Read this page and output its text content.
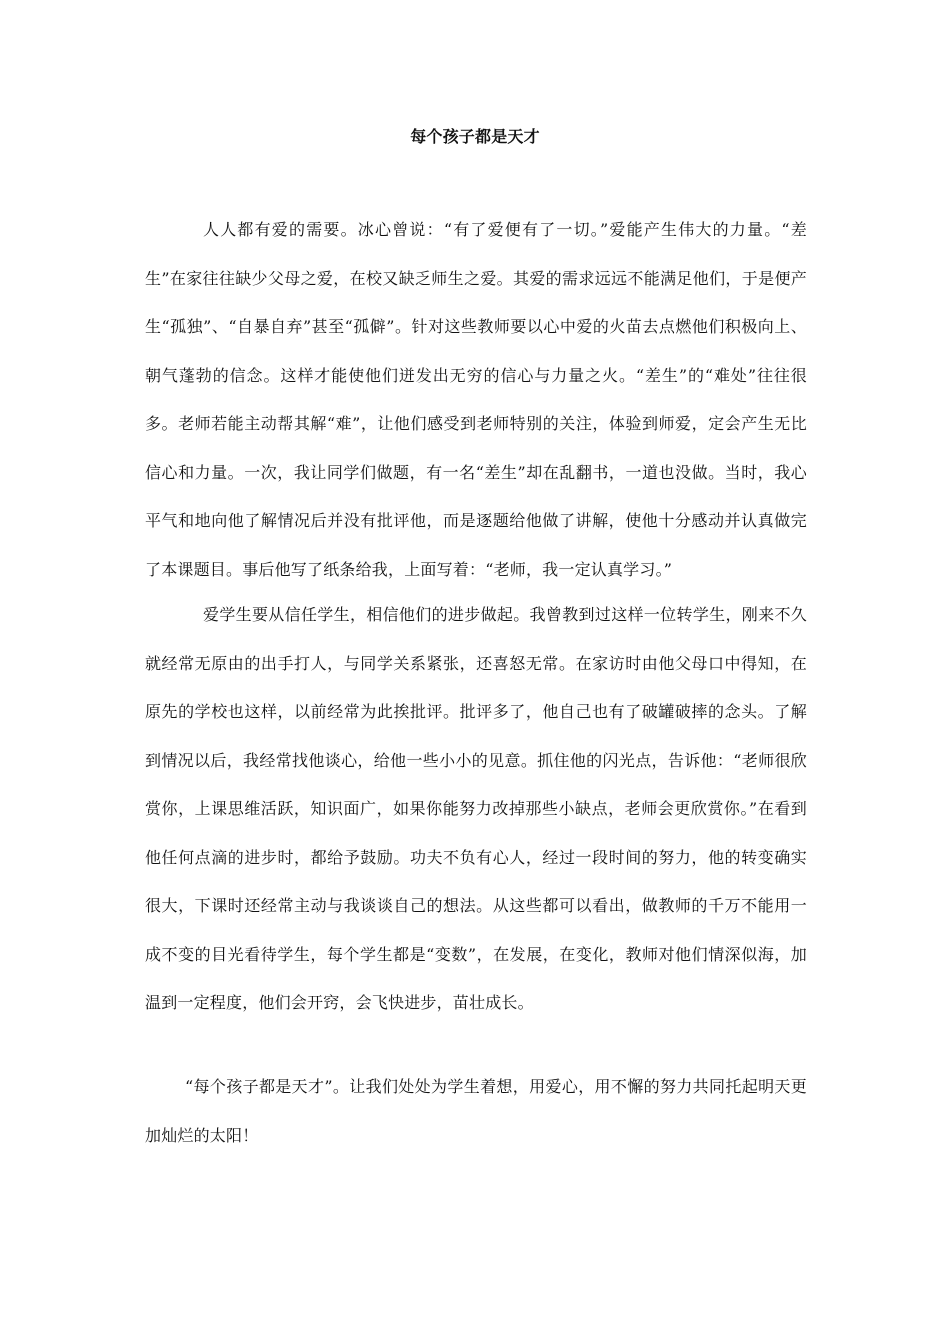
每个孩子都是天才

人人都有爱的需要。冰心曾说：“有了爱便有了一切。”爱能产生伟大的力量。“差生”在家往往缺少父母之爱，在校又缺乏师生之爱。其爱的需求远远不能满足他们，于是便产生“孤独”、“自暴自弃”甚至“孤僻”。针对这些教师要以心中爱的火苗去点燃他们积极向上、朝气蓬勃的信念。这样才能使他们迸发出无穷的信心与力量之火。“差生”的“难处”往往很多。老师若能主动帮其解“难”，让他们感受到老师特别的关注，体验到师爱，定会产生无比信心和力量。一次，我让同学们做题，有一名“差生”却在乱翻书，一道也没做。当时，我心平气和地向他了解情况后并没有批评他，而是逐题给他做了讲解，使他十分感动并认真做完了本课题目。事后他写了纸条给我，上面写着：“老师，我一定认真学习。”

爱学生要从信任学生，相信他们的进步做起。我曾教到过这样一位转学生，刚来不久就经常无原由的出手打人，与同学关系紧张，还喜怒无常。在家访时由他父母口中得知，在原先的学校也这样，以前经常为此挨批评。批评多了，他自己也有了破罐破摔的念头。了解到情况以后，我经常找他谈心，给他一些小小的见意。抓住他的闪光点，告诉他：“老师很欣赏你，上课思维活跃，知识面广，如果你能努力改掉那些小缺点，老师会更欣赏你。”在看到他任何点滴的进步时，都给予鼓励。功夫不负有心人，经过一段时间的努力，他的转变确实很大，下课时还经常主动与我谈谈自己的想法。从这些都可以看出，做教师的千万不能用一成不变的目光看待学生，每个学生都是“变数”，在发展，在变化，教师对他们情深似海，加温到一定程度，他们会开窍，会飞快进步，苗壮成长。

“每个孩子都是天才”。让我们处处为学生着想，用爱心，用不懈的努力共同托起明天更加灿烂的太阳！
